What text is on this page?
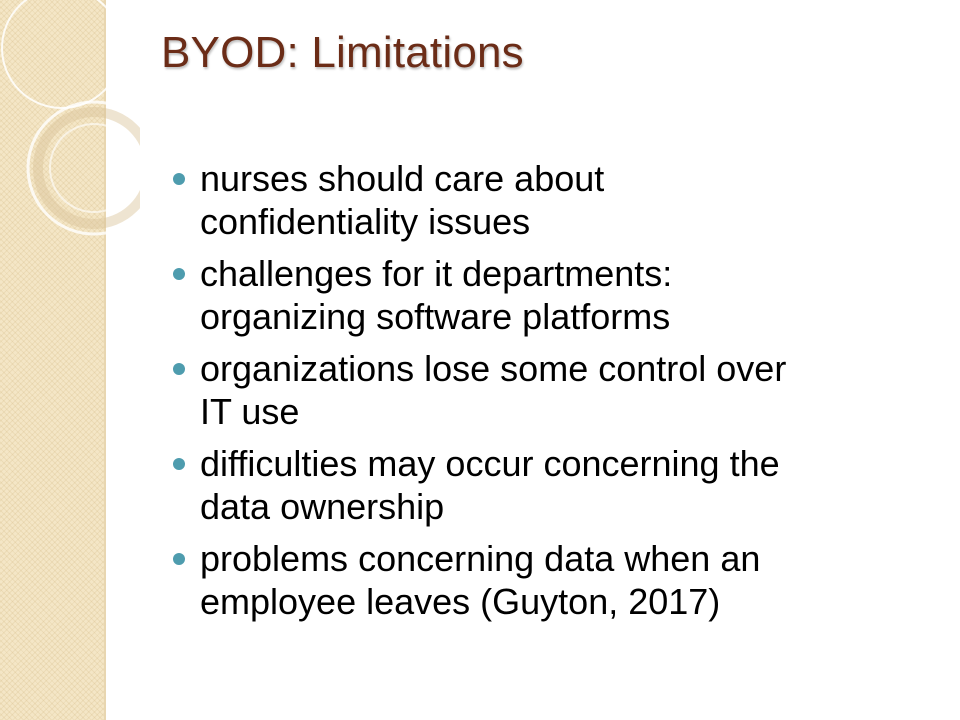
BYOD: Limitations
nurses should care about
confidentiality issues
challenges for it departments:
organizing software platforms
organizations lose some control over
IT use
difficulties may occur concerning the
data ownership
problems concerning data when an
employee leaves (Guyton, 2017)
